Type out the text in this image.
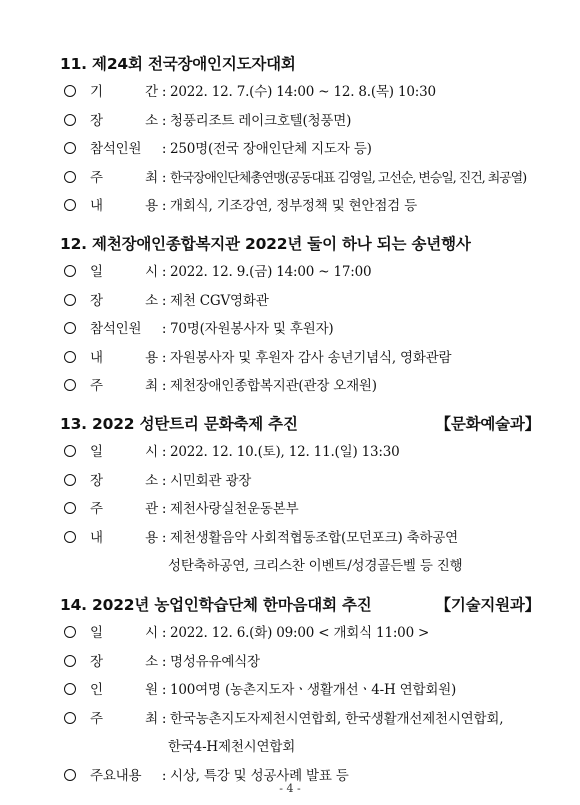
11. 제24회 전국장애인지도자대회
기 간 : 2022. 12. 7.(수) 14:00 ~ 12. 8.(목) 10:30
장 소 : 청풍리조트 레이크호텔(청풍면)
참석인원	: 250명(전국 장애인단체 지도자 등)
주 최 : 한국장애인단체총연맹(공동대표 김영일, 고선순, 변승일, 진건, 최공열)
내 용 : 개회식, 기조강연, 정부정책 및 현안점검 등
12. 제천장애인종합복지관 2022년 둘이 하나 되는 송년행사
일 시 : 2022. 12. 9.(금) 14:00 ~ 17:00
장 소 : 제천 CGV영화관
참석인원	: 70명(자원봉사자 및 후원자)
내 용 : 자원봉사자 및 후원자 감사 송년기념식, 영화관람
주 최 : 제천장애인종합복지관(관장 오재원)
13. 2022 성탄트리 문화축제 추진	【문화예술과】
일 시 : 2022. 12. 10.(토), 12. 11.(일) 13:30
장 소 : 시민회관 광장
주 관 : 제천사랑실천운동본부
내 용 : 제천생활음악 사회적협동조합(모던포크) 축하공연
성탄축하공연, 크리스찬 이벤트/성경골든벨 등 진행
14. 2022년 농업인학습단체 한마음대회 추진	【기술지원과】
일 시 : 2022. 12. 6.(화) 09:00 < 개회식 11:00 >
장 소 : 명성유유예식장
인 원 : 100여명 (농촌지도자ㆍ생활개선ㆍ4-H 연합회원)
주 최 : 한국농촌지도자제천시연합회, 한국생활개선제천시연합회,
한국4-H제천시연합회
주요내용	: 시상, 특강 및 성공사례 발표 등
- 4 -
